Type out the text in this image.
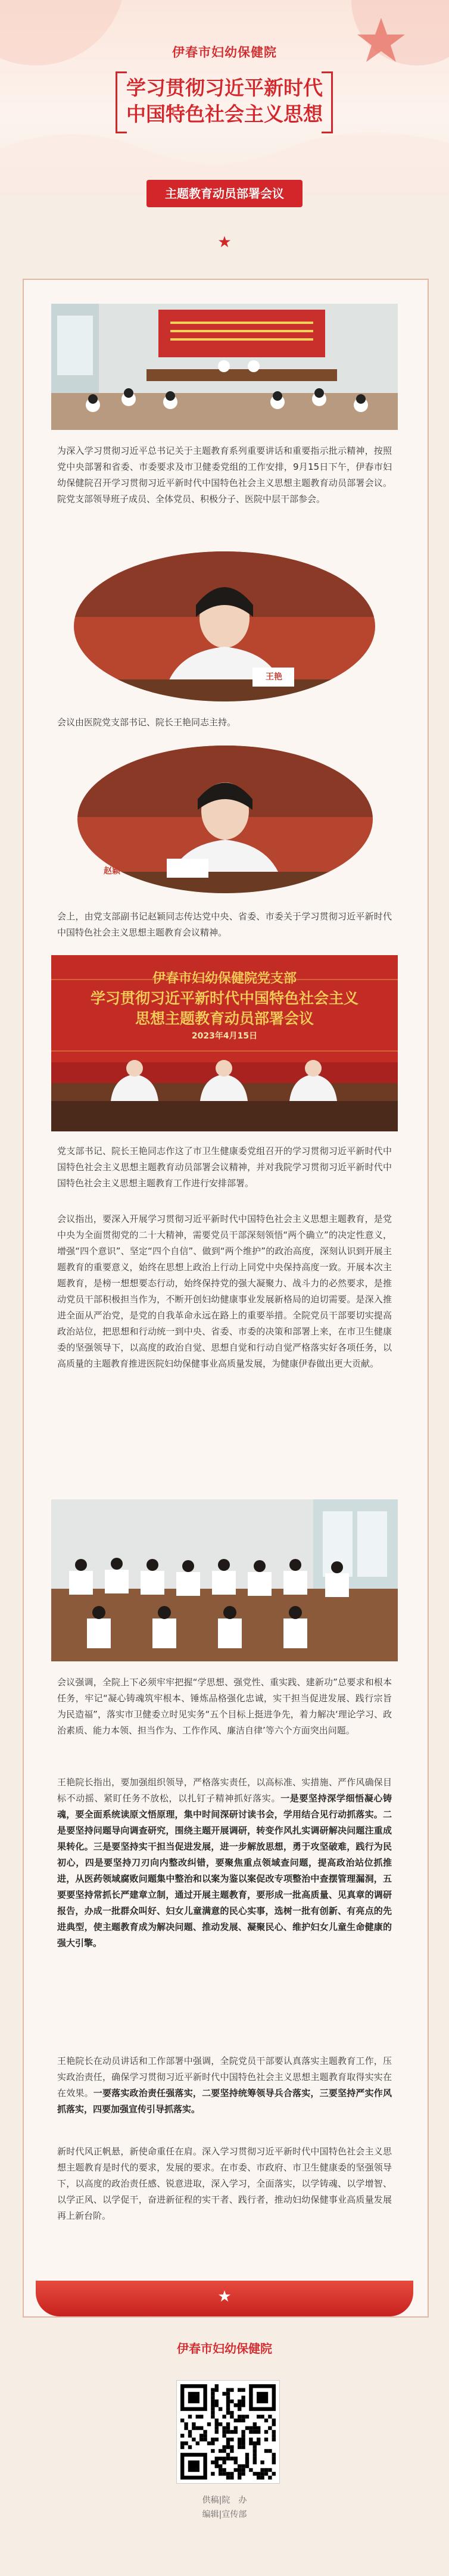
伊春市妇幼保健院
学习贯彻习近平新时代
中国特色社会主义思想
主题教育动员部署会议
★
为深入学习贯彻习近平总书记关于主题教育系列重要讲话和重要指示批示精神，按照党中央部署和省委、市委要求及市卫健委党组的工作安排，9月15日下午，伊春市妇幼保健院召开学习贯彻习近平新时代中国特色社会主义思想主题教育动员部署会议。院党支部领导班子成员、全体党员、积极分子、医院中层干部参会。
王艳
会议由医院党支部书记、院长王艳同志主持。
赵颖
会上，由党支部副书记赵颖同志传达党中央、省委、市委关于学习贯彻习近平新时代中国特色社会主义思想主题教育会议精神。
伊春市妇幼保健院党支部
学习贯彻习近平新时代中国特色社会主义
思想主题教育动员部署会议
2023年4月15日
党支部书记、院长王艳同志作这了市卫生健康委党组召开的学习贯彻习近平新时代中国特色社会主义思想主题教育动员部署会议精神，并对我院学习贯彻习近平新时代中国特色社会主义思想主题教育工作进行安排部署。
会议指出，要深入开展学习贯彻习近平新时代中国特色社会主义思想主题教育，是党中央为全面贯彻党的二十大精神，需要党员干部深刻领悟“两个确立”的决定性意义，增强“四个意识”、坚定“四个自信”、做到“两个维护”的政治高度，深刻认识到开展主题教育的重要意义，始终在思想上政治上行动上同党中央保持高度一致。开展本次主题教育，是榜一想想要态行动，始终保持党的强大凝聚力、战斗力的必然要求，是推动党员干部积极担当作为，不断开创妇幼健康事业发展新格局的迫切需要。是深入推进全面从严治党，是党的自我革命永远在路上的重要举措。全院党员干部要切实提高政治站位，把思想和行动统一到中央、省委、市委的决策和部署上来，在市卫生健康委的坚强领导下，以高度的政治自觉、思想自觉和行动自觉严格落实好各项任务，以高质量的主题教育推进医院妇幼保健事业高质量发展，为健康伊春做出更大贡献。
会议强调，全院上下必须牢牢把握“学思想、强党性、重实践、建新功”总要求和根本任务，牢记“凝心铸魂筑牢根本、锤炼品格强化忠诚，实干担当促进发展、践行宗旨为民造福”，落实市卫健委立时见实务“五个目标上挺进争先，着力解决‘理论学习、政治素质、能力本领、担当作为、工作作风、廉洁自律’等六个方面突出问题。
王艳院长指出，要加强组织领导，严格落实责任，以高标准、实措施、严作风确保目标不动摇、紧盯任务不放松，以扎钉子精神抓好落实。一是要坚持深学细悟凝心铸魂，要全面系统读原文悟原理，集中时间深研讨读书会，学用结合见行动抓落实。二是要坚持问题导向调查研究，围绕主题开展调研，转变作风扎实调研解决问题注重成果转化。三是要坚持实干担当促进发展，进一步解放思想，勇于攻坚破难，践行为民初心，四是要坚持刀刃向内整改纠错，要聚焦重点领域查问题，提高政治站位抓推进，从医药领域腐败问题集中整治和以案为鉴以案促改专项整治中查摆管理漏洞，五要要坚持常抓长严建章立制，通过开展主题教育，要形成一批高质量、见真章的调研报告，办成一批群众叫好、妇女儿童满意的民心实事，选树一批有创新、有亮点的先进典型，使主题教育成为解决问题、推动发展、凝聚民心、维护妇女儿童生命健康的强大引擎。
王艳院长在动员讲话和工作部署中强调，全院党员干部要认真落实主题教育工作，压实政治责任，确保学习贯彻习近平新时代中国特色社会主义思想主题教育取得实实在在效果。一要落实政治责任强落实，二要坚持统筹领导兵合落实，三要坚持严实作风抓落实，四要加强宣传引导抓落实。
新时代风正帆悬，新使命重任在肩。深入学习贯彻习近平新时代中国特色社会主义思想主题教育是时代的要求，发展的要求。在市委、市政府、市卫生健康委的坚强领导下，以高度的政治责任感、锐意进取，深入学习，全面落实，以学铸魂、以学增智、以学正风、以学促干，奋进新征程的实干者、践行者，推动妇幼保健事业高质量发展再上新台阶。
★
伊春市妇幼保健院
供稿|院　办
编辑|宣传部
